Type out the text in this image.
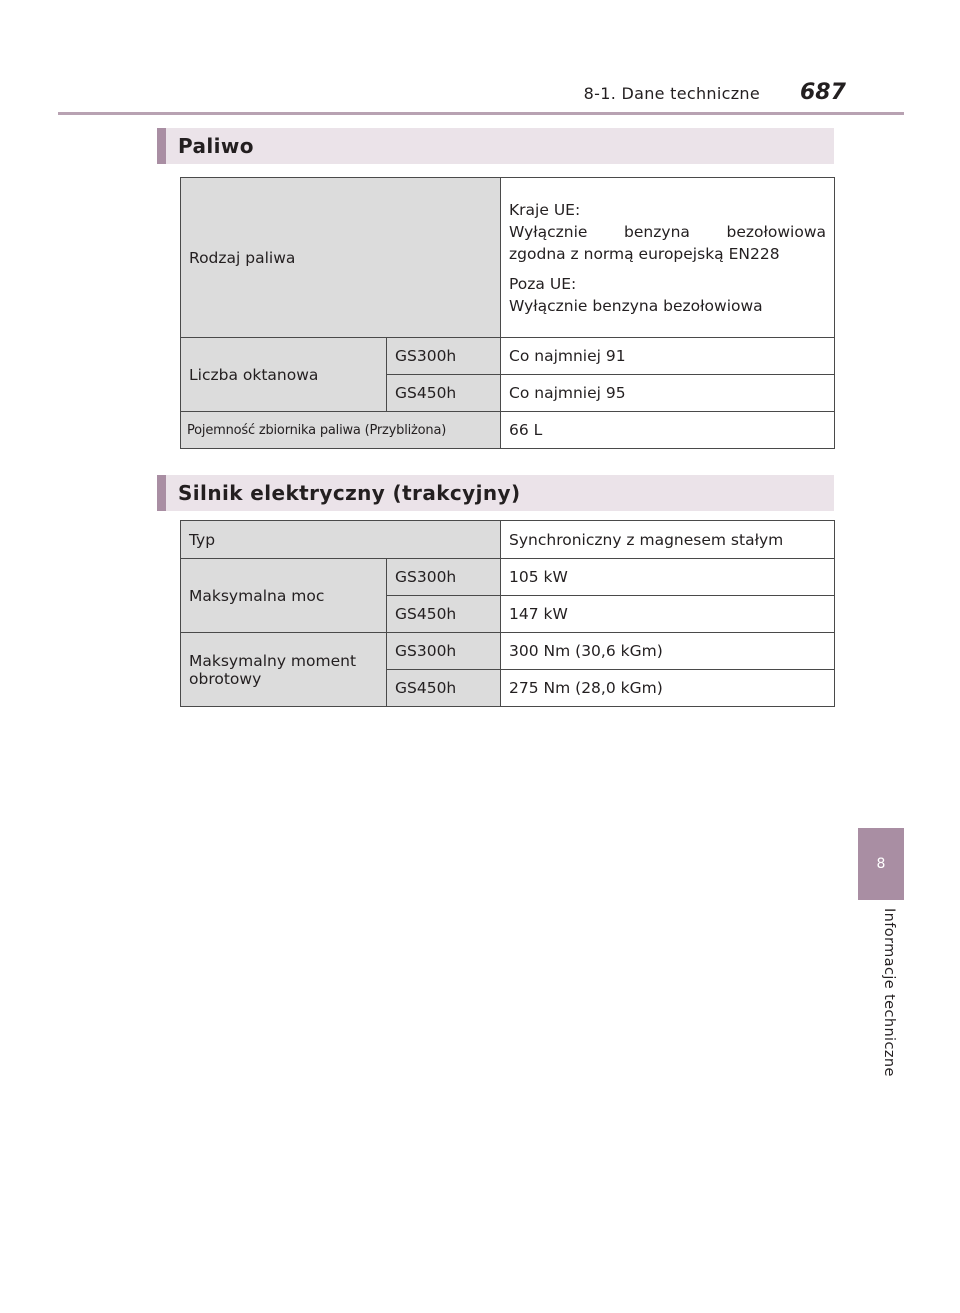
8-1. Dane techniczne 687
Paliwo
Rodzaj paliwa		Kraje UE:

Wyłącznie benzyna bezołowiowa

zgodna z normą europejską EN228

Poza UE:

Wyłącznie benzyna bezołowiowa

Liczba oktanowa	GS300h	Co najmniej 91
	GS450h	Co najmniej 95
Pojemność zbiornika paliwa (Przybliżona)		66 L
Silnik elektryczny (trakcyjny)
Typ		Synchroniczny z magnesem stałym
Maksymalna moc	GS300h	105 kW
	GS450h	147 kW

Maksymalny moment
obrotowy	GS300h	300 Nm (30,6 kGm)
	GS450h	275 Nm (28,0 kGm)
8
Informacje techniczne
